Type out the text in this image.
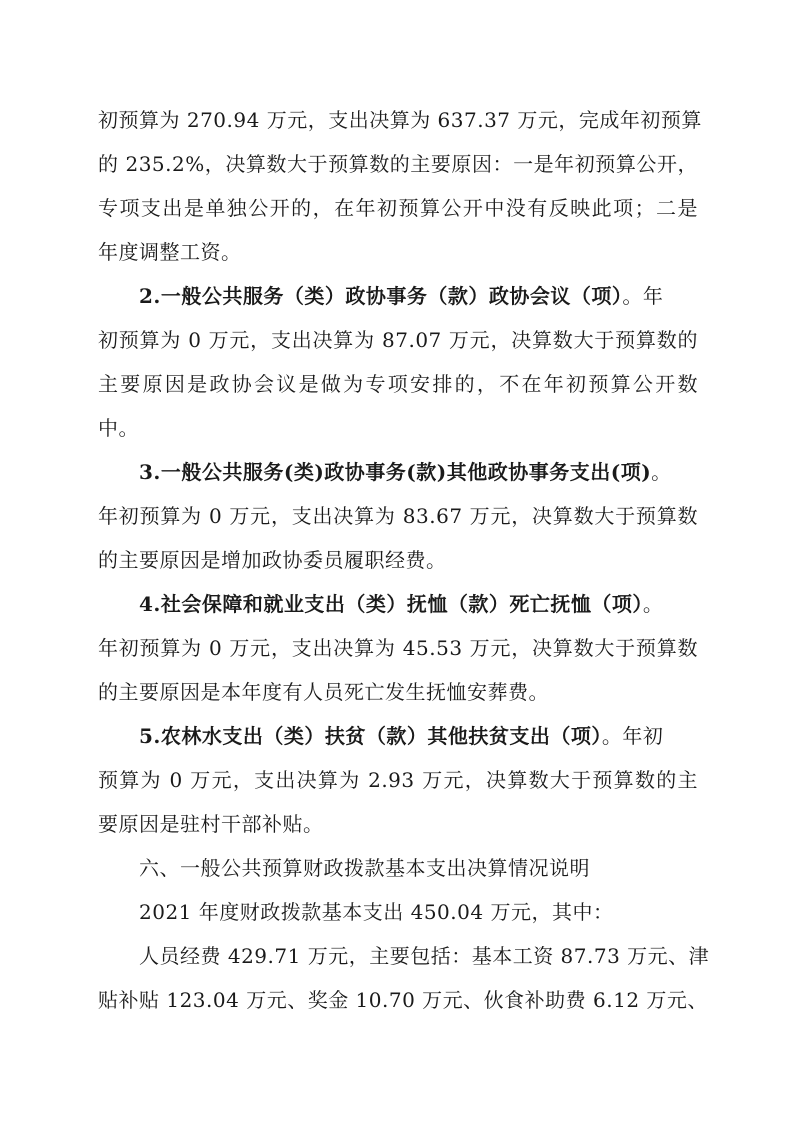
初预算为 270.94 万元，支出决算为 637.37 万元，完成年初预算
的 235.2%，决算数大于预算数的主要原因：一是年初预算公开，
专项支出是单独公开的，在年初预算公开中没有反映此项；二是
年度调整工资。
2.一般公共服务（类）政协事务（款）政协会议（项）。年
初预算为 0 万元，支出决算为 87.07 万元，决算数大于预算数的
主要原因是政协会议是做为专项安排的，不在年初预算公开数
中。
3.一般公共服务(类)政协事务(款)其他政协事务支出(项)。
年初预算为 0 万元，支出决算为 83.67 万元，决算数大于预算数
的主要原因是增加政协委员履职经费。
4.社会保障和就业支出（类）抚恤（款）死亡抚恤（项）。
年初预算为 0 万元，支出决算为 45.53 万元，决算数大于预算数
的主要原因是本年度有人员死亡发生抚恤安葬费。
5.农林水支出（类）扶贫（款）其他扶贫支出（项）。年初
预算为 0 万元，支出决算为 2.93 万元，决算数大于预算数的主
要原因是驻村干部补贴。
六、一般公共预算财政拨款基本支出决算情况说明
2021 年度财政拨款基本支出 450.04 万元，其中：
人员经费 429.71 万元，主要包括：基本工资 87.73 万元、津
贴补贴 123.04 万元、奖金 10.70 万元、伙食补助费 6.12 万元、
